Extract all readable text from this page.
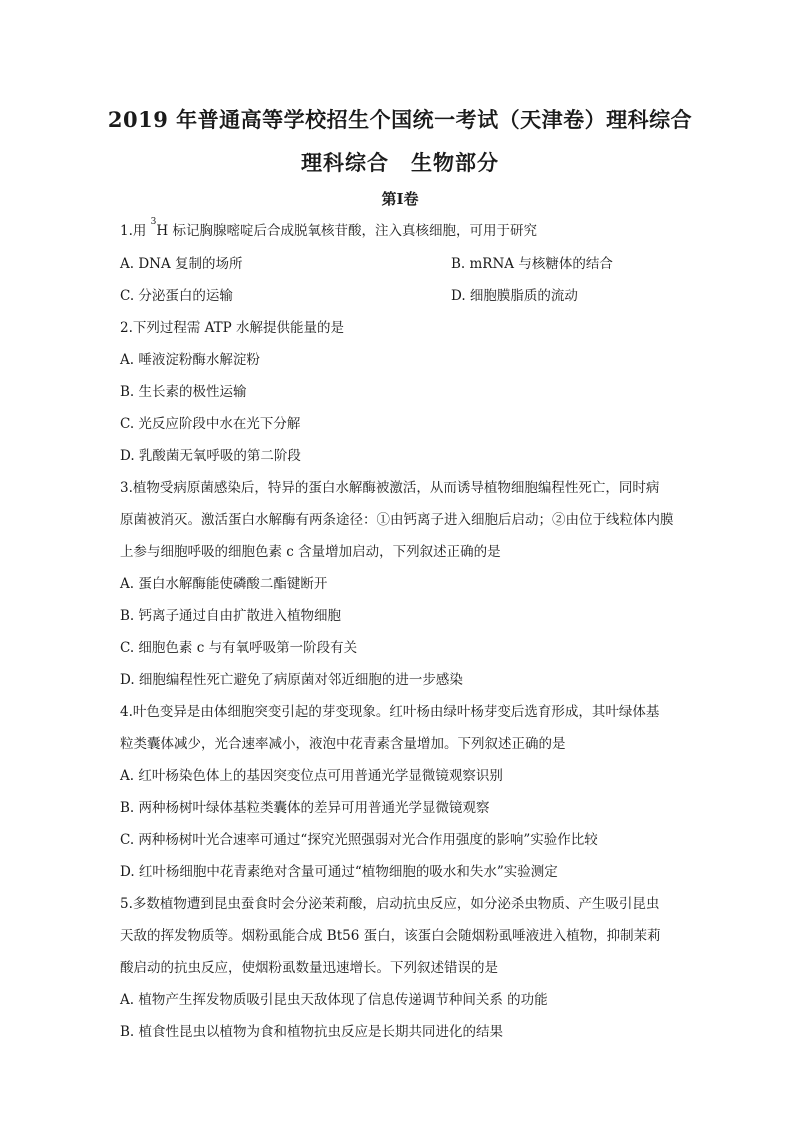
2019 年普通高等学校招生个国统一考试（天津卷）理科综合
理科综合 生物部分
第Ⅰ卷
1.用 $^3$H 标记胸腺嘧啶后合成脱氧核苷酸，注入真核细胞，可用于研究
A. DNA 复制的场所	B. mRNA 与核糖体的结合
C. 分泌蛋白的运输	D. 细胞膜脂质的流动
2.下列过程需 ATP 水解提供能量的是
A. 唾液淀粉酶水解淀粉
B. 生长素的极性运输
C. 光反应阶段中水在光下分解
D. 乳酸菌无氧呼吸的第二阶段
3.植物受病原菌感染后，特异的蛋白水解酶被激活，从而诱导植物细胞编程性死亡，同时病
原菌被消灭。激活蛋白水解酶有两条途径：①由钙离子进入细胞后启动；②由位于线粒体内膜
上参与细胞呼吸的细胞色素 c 含量增加启动，下列叙述正确的是
A. 蛋白水解酶能使磷酸二酯键断开
B. 钙离子通过自由扩散进入植物细胞
C. 细胞色素 c 与有氧呼吸第一阶段有关
D. 细胞编程性死亡避免了病原菌对邻近细胞的进一步感染
4.叶色变异是由体细胞突变引起的芽变现象。红叶杨由绿叶杨芽变后选育形成，其叶绿体基
粒类囊体减少，光合速率减小，液泡中花青素含量增加。下列叙述正确的是
A. 红叶杨染色体上的基因突变位点可用普通光学显微镜观察识别
B. 两种杨树叶绿体基粒类囊体的差异可用普通光学显微镜观察
C. 两种杨树叶光合速率可通过“探究光照强弱对光合作用强度的影响”实验作比较
D. 红叶杨细胞中花青素绝对含量可通过“植物细胞的吸水和失水”实验测定
5.多数植物遭到昆虫蚕食时会分泌茉莉酸，启动抗虫反应，如分泌杀虫物质、产生吸引昆虫
天敌的挥发物质等。烟粉虱能合成 Bt56 蛋白，该蛋白会随烟粉虱唾液进入植物，抑制茉莉
酸启动的抗虫反应，使烟粉虱数量迅速增长。下列叙述错误的是
A. 植物产生挥发物质吸引昆虫天敌体现了信息传递调节种间关系 的功能
B. 植食性昆虫以植物为食和植物抗虫反应是长期共同进化的结果
